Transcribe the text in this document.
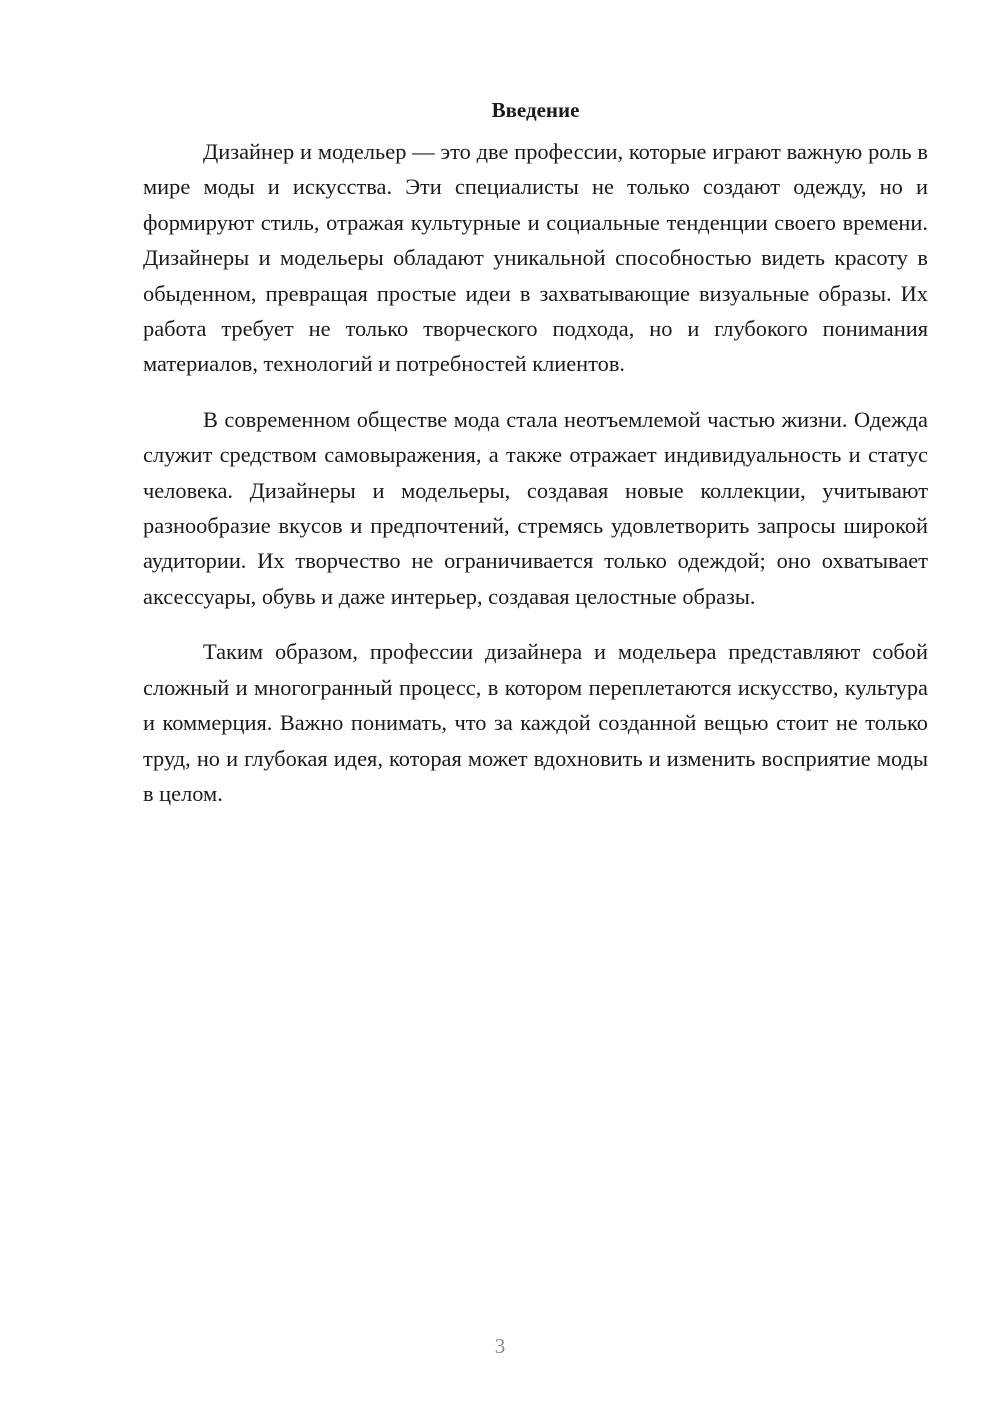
Введение

Дизайнер и модельер — это две профессии, которые играют важную роль в мире моды и искусства. Эти специалисты не только создают одежду, но и формируют стиль, отражая культурные и социальные тенденции своего времени. Дизайнеры и модельеры обладают уникальной способностью видеть красоту в обыденном, превращая простые идеи в захватывающие визуальные образы. Их работа требует не только творческого подхода, но и глубокого понимания материалов, технологий и потребностей клиентов.

В современном обществе мода стала неотъемлемой частью жизни. Одежда служит средством самовыражения, а также отражает индивидуальность и статус человека. Дизайнеры и модельеры, создавая новые коллекции, учитывают разнообразие вкусов и предпочтений, стремясь удовлетворить запросы широкой аудитории. Их творчество не ограничивается только одеждой; оно охватывает аксессуары, обувь и даже интерьер, создавая целостные образы.

Таким образом, профессии дизайнера и модельера представляют собой сложный и многогранный процесс, в котором переплетаются искусство, культура и коммерция. Важно понимать, что за каждой созданной вещью стоит не только труд, но и глубокая идея, которая может вдохновить и изменить восприятие моды в целом.

3
